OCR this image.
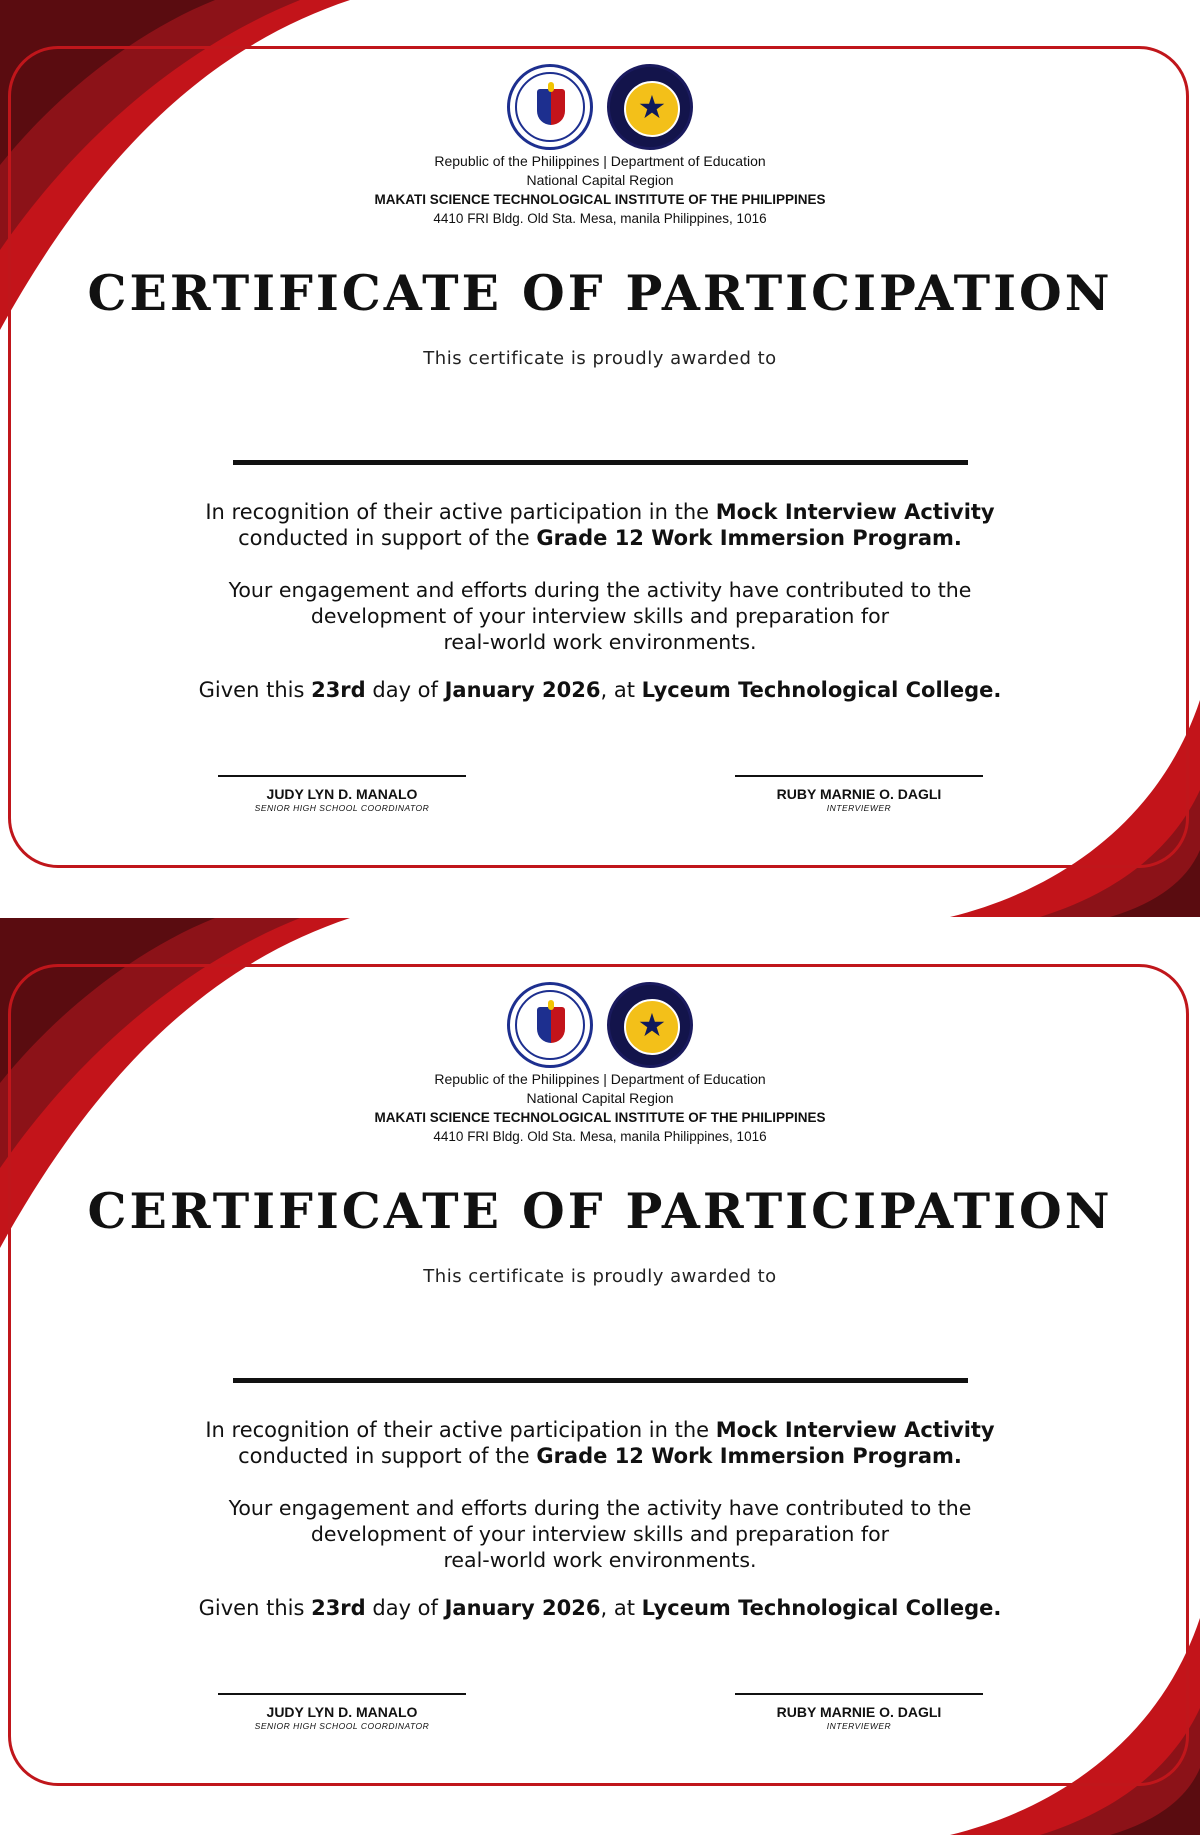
★
Republic of the Philippines | Department of Education
National Capital Region
MAKATI SCIENCE TECHNOLOGICAL INSTITUTE OF THE PHILIPPINES
4410 FRI Bldg. Old Sta. Mesa, manila Philippines, 1016
CERTIFICATE OF PARTICIPATION
This certificate is proudly awarded to
In recognition of their active participation in the Mock Interview Activity
conducted in support of the Grade 12 Work Immersion Program.
Your engagement and efforts during the activity have contributed to the
development of your interview skills and preparation for
real-world work environments.
Given this 23rd day of January 2026, at Lyceum Technological College.
JUDY LYN D. MANALO
SENIOR HIGH SCHOOL COORDINATOR
RUBY MARNIE O. DAGLI
INTERVIEWER
★
Republic of the Philippines | Department of Education
National Capital Region
MAKATI SCIENCE TECHNOLOGICAL INSTITUTE OF THE PHILIPPINES
4410 FRI Bldg. Old Sta. Mesa, manila Philippines, 1016
CERTIFICATE OF PARTICIPATION
This certificate is proudly awarded to
In recognition of their active participation in the Mock Interview Activity
conducted in support of the Grade 12 Work Immersion Program.
Your engagement and efforts during the activity have contributed to the
development of your interview skills and preparation for
real-world work environments.
Given this 23rd day of January 2026, at Lyceum Technological College.
JUDY LYN D. MANALO
SENIOR HIGH SCHOOL COORDINATOR
RUBY MARNIE O. DAGLI
INTERVIEWER
